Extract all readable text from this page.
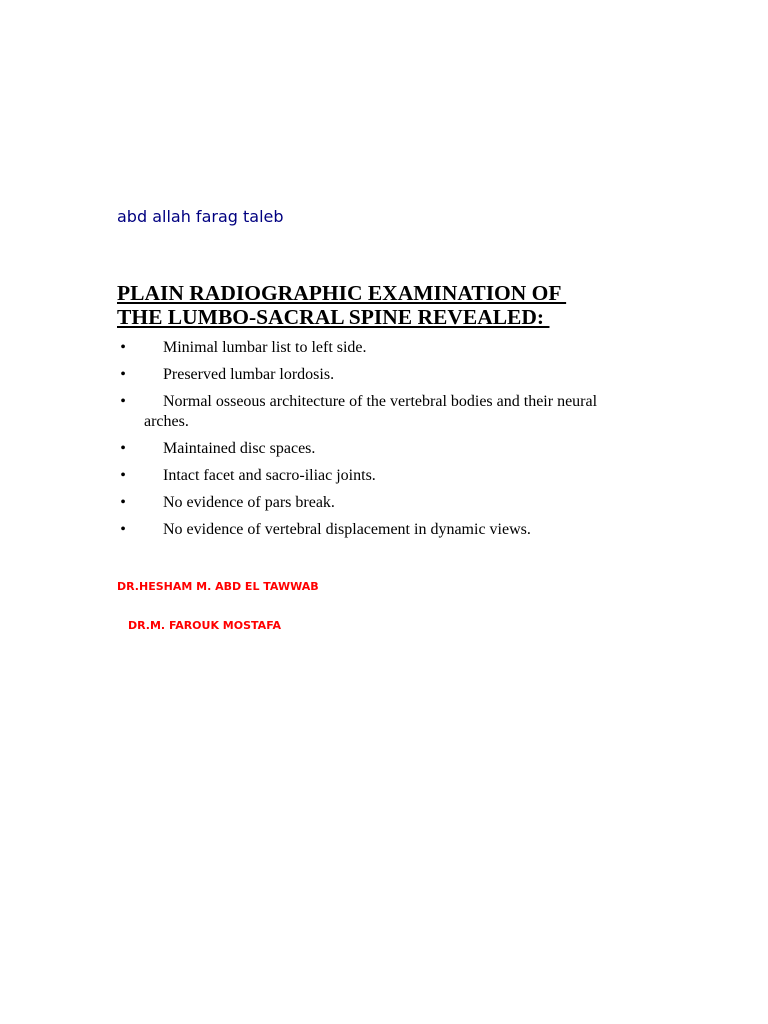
abd allah farag taleb
PLAIN RADIOGRAPHIC EXAMINATION OF
THE LUMBO-SACRAL SPINE REVEALED:
• Minimal lumbar list to left side.
• Preserved lumbar lordosis.
•	Normal osseous architecture of the vertebral bodies and their neural arches.
• Maintained disc spaces.
• Intact facet and sacro-iliac joints.
• No evidence of pars break.
• No evidence of vertebral displacement in dynamic views.
DR.HESHAM M. ABD EL TAWWAB
DR.M. FAROUK MOSTAFA
